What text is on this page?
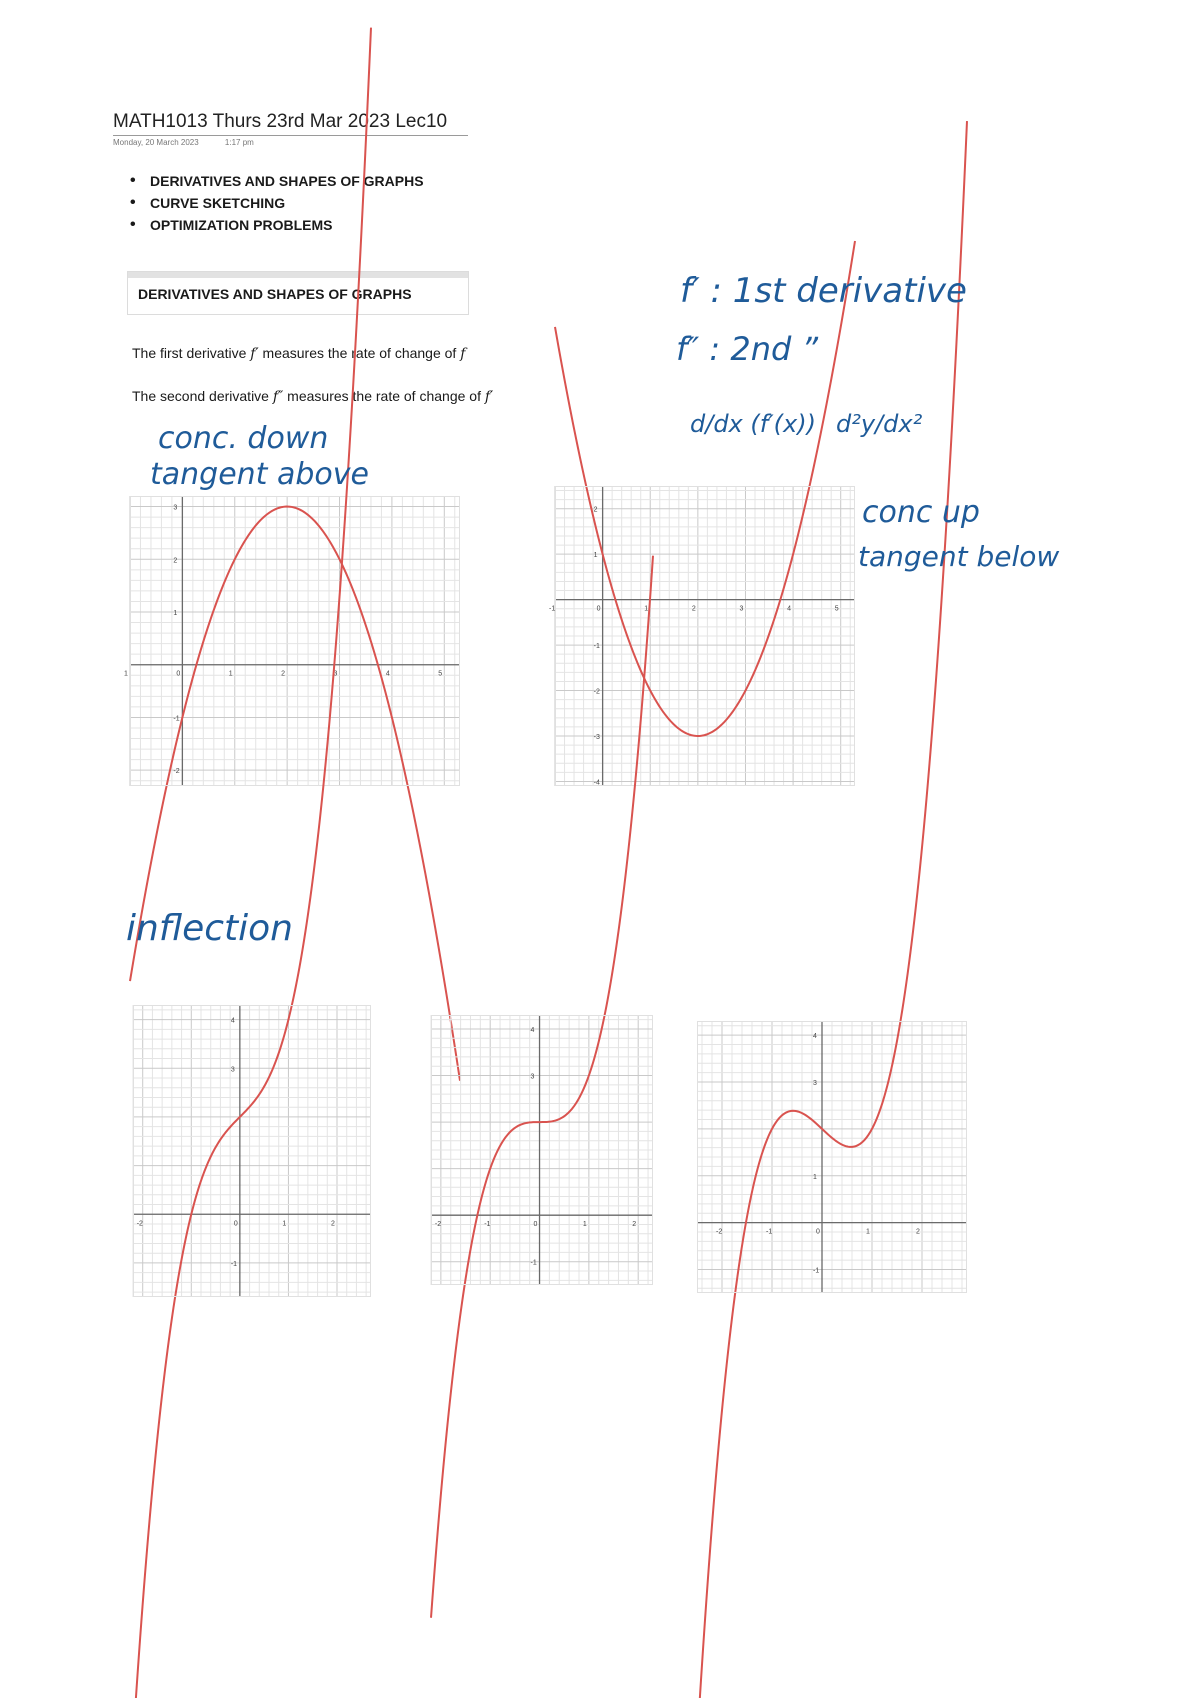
MATH1013 Thurs 23rd Mar 2023 Lec10
Monday, 20 March 2023	1:17 pm
• DERIVATIVES AND SHAPES OF GRAPHS
• CURVE SKETCHING
• OPTIMIZATION PROBLEMS
DERIVATIVES AND SHAPES OF GRAPHS
The first derivative f′ measures the rate of change of f
The second derivative f″ measures the rate of change of f′
1	0	1	2	3	4	5
3
2
1
-1
-2
-1	0	1	2	3	4	5
2
1
-1
-2
-3
-4
-2	0	1	2
4
3
-1
-2	-1	0	1	2
4
3
-1
-2	-1	0	1	2
4
3
1
-1
f′ : 1st derivative
f″ : 2nd ”
d/dx (f′(x)) d²y/dx²
conc. down
tangent above
conc up
tangent below
inflection
